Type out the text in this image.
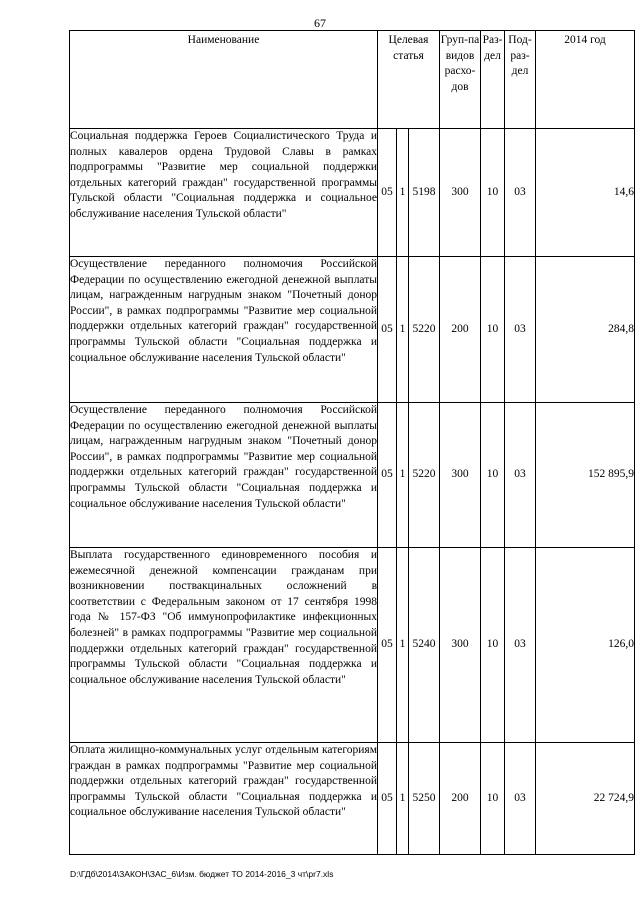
67
Наименование	Целевая статья			Груп-па видов расхо-дов	Раз-дел	Под-раз-дел	2014 год
Социальная поддержка Героев Социалистического Труда и полных кавалеров ордена Трудовой Славы в рамках подпрограммы "Развитие мер социальной поддержки отдельных категорий граждан" государственной программы Тульской области "Социальная поддержка и социальное обслуживание населения Тульской области"	05	1	5198	300	10	03	14,6
Осуществление переданного полномочия Российской Федерации по осуществлению ежегодной денежной выплаты лицам, награжденным нагрудным знаком "Почетный донор России", в рамках подпрограммы "Развитие мер социальной поддержки отдельных категорий граждан" государственной программы Тульской области "Социальная поддержка и социальное обслуживание населения Тульской области"	05	1	5220	200	10	03	284,8
Осуществление переданного полномочия Российской Федерации по осуществлению ежегодной денежной выплаты лицам, награжденным нагрудным знаком "Почетный донор России", в рамках подпрограммы "Развитие мер социальной поддержки отдельных категорий граждан" государственной программы Тульской области "Социальная поддержка и социальное обслуживание населения Тульской области"	05	1	5220	300	10	03	152 895,9
Выплата государственного единовременного пособия и ежемесячной денежной компенсации гражданам при возникновении поствакцинальных осложнений в соответствии с Федеральным законом от 17 сентября 1998 года № 157-ФЗ "Об иммунопрофилактике инфекционных болезней" в рамках подпрограммы "Развитие мер социальной поддержки отдельных категорий граждан" государственной программы Тульской области "Социальная поддержка и социальное обслуживание населения Тульской области"	05	1	5240	300	10	03	126,0
Оплата жилищно-коммунальных услуг отдельным категориям граждан в рамках подпрограммы "Развитие мер социальной поддержки отдельных категорий граждан" государственной программы Тульской области "Социальная поддержка и социальное обслуживание населения Тульской области"	05	1	5250	200	10	03	22 724,9
D:\ГДб\2014\ЗАКОН\ЗАС_6\Изм. бюджет ТО 2014-2016_3 чт\pr7.xls
